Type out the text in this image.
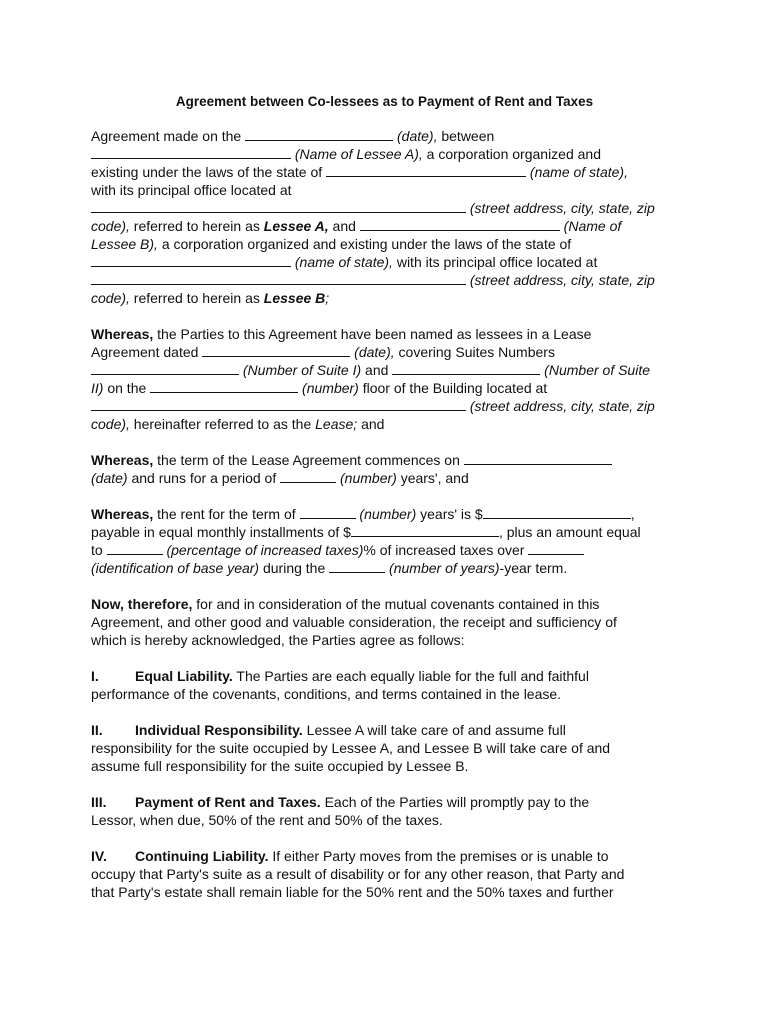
Agreement between Co-lessees as to Payment of Rent and Taxes
Agreement made on the	(date), between
(Name of Lessee A), a corporation organized and
existing under the laws of the state of	(name of state),
with its principal office located at
(street address, city, state, zip
code), referred to herein as Lessee A, and	(Name of
Lessee B), a corporation organized and existing under the laws of the state of
(name of state), with its principal office located at
(street address, city, state, zip
code), referred to herein as Lessee B;
Whereas, the Parties to this Agreement have been named as lessees in a Lease
Agreement dated	(date), covering Suites Numbers
(Number of Suite I) and	(Number of Suite
II) on the	(number) floor of the Building located at
(street address, city, state, zip
code), hereinafter referred to as the Lease; and
Whereas, the term of the Lease Agreement commences on
(date) and runs for a period of	(number) years', and
Whereas, the rent for the term of	(number) years' is $	,
payable in equal monthly installments of $	, plus an amount equal
to	(percentage of increased taxes)% of increased taxes over
(identification of base year) during the	(number of years)-year term.
Now, therefore, for and in consideration of the mutual covenants contained in this
Agreement, and other good and valuable consideration, the receipt and sufficiency of
which is hereby acknowledged, the Parties agree as follows:
I.	Equal Liability. The Parties are each equally liable for the full and faithful
performance of the covenants, conditions, and terms contained in the lease.
II. Individual Responsibility. Lessee A will take care of and assume full
responsibility for the suite occupied by Lessee A, and Lessee B will take care of and
assume full responsibility for the suite occupied by Lessee B.
III. Payment of Rent and Taxes. Each of the Parties will promptly pay to the
Lessor, when due, 50% of the rent and 50% of the taxes.
IV. Continuing Liability. If either Party moves from the premises or is unable to
occupy that Party's suite as a result of disability or for any other reason, that Party and
that Party's estate shall remain liable for the 50% rent and the 50% taxes and further
